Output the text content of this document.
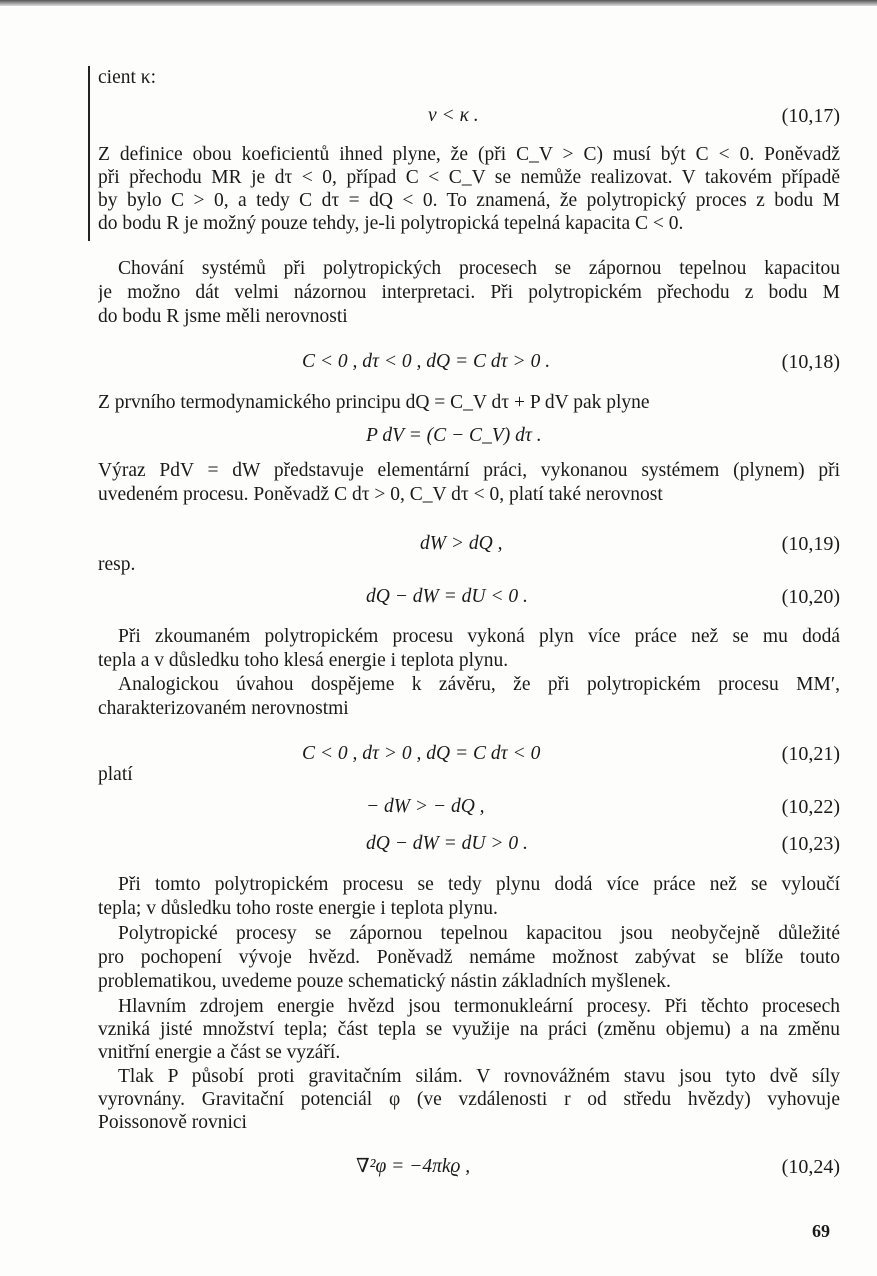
cient κ:
ν < κ .	(10,17)
Z definice obou koeficientů ihned plyne, že (při C_V > C) musí být C < 0. Poněvadž
při přechodu MR je dτ < 0, případ C < C_V se nemůže realizovat. V takovém případě
by bylo C > 0, a tedy C dτ = dQ < 0. To znamená, že polytropický proces z bodu M
do bodu R je možný pouze tehdy, je-li polytropická tepelná kapacita C < 0.
Chování systémů při polytropických procesech se zápornou tepelnou kapacitou
je možno dát velmi názornou interpretaci. Při polytropickém přechodu z bodu M
do bodu R jsme měli nerovnosti
C < 0 , dτ < 0 , dQ = C dτ > 0 .	(10,18)
Z prvního termodynamického principu dQ = C_V dτ + P dV pak plyne
P dV = (C − C_V) dτ .
Výraz PdV = dW představuje elementární práci, vykonanou systémem (plynem) při
uvedeném procesu. Poněvadž C dτ > 0, C_V dτ < 0, platí také nerovnost
dW > dQ ,	(10,19)
resp.
dQ − dW = dU < 0 .	(10,20)
Při zkoumaném polytropickém procesu vykoná plyn více práce než se mu dodá
tepla a v důsledku toho klesá energie i teplota plynu.
Analogickou úvahou dospějeme k závěru, že při polytropickém procesu MM′,
charakterizovaném nerovnostmi
C < 0 , dτ > 0 , dQ = C dτ < 0	(10,21)
platí
− dW > − dQ ,	(10,22)
dQ − dW = dU > 0 .	(10,23)
Při tomto polytropickém procesu se tedy plynu dodá více práce než se vyloučí
tepla; v důsledku toho roste energie i teplota plynu.
Polytropické procesy se zápornou tepelnou kapacitou jsou neobyčejně důležité
pro pochopení vývoje hvězd. Poněvadž nemáme možnost zabývat se blíže touto
problematikou, uvedeme pouze schematický nástin základních myšlenek.
Hlavním zdrojem energie hvězd jsou termonukleární procesy. Při těchto procesech
vzniká jisté množství tepla; část tepla se využije na práci (změnu objemu) a na změnu
vnitřní energie a část se vyzáří.
Tlak P působí proti gravitačním silám. V rovnovážném stavu jsou tyto dvě síly
vyrovnány. Gravitační potenciál φ (ve vzdálenosti r od středu hvězdy) vyhovuje
Poissonově rovnici
∇²φ = −4πkϱ ,	(10,24)
69
